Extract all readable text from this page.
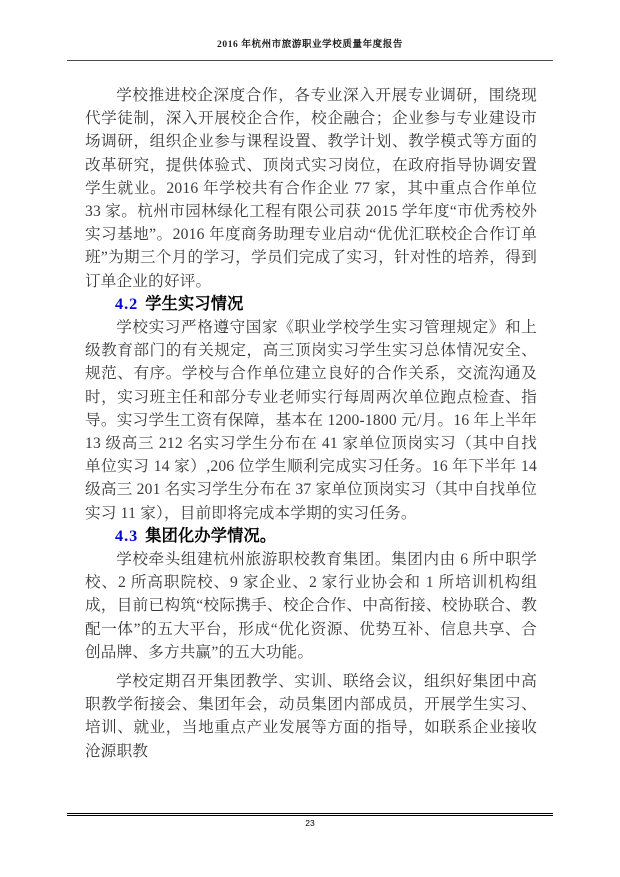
2016 年杭州市旅游职业学校质量年度报告

学校推进校企深度合作，各专业深入开展专业调研，围绕现代学徒制，深入开展校企合作，校企融合；企业参与专业建设市场调研，组织企业参与课程设置、教学计划、教学模式等方面的改革研究，提供体验式、顶岗式实习岗位，在政府指导协调安置学生就业。2016 年学校共有合作企业 77 家，其中重点合作单位 33 家。杭州市园林绿化工程有限公司获 2015 学年度“市优秀校外实习基地”。2016 年度商务助理专业启动“优优汇联校企合作订单班”为期三个月的学习，学员们完成了实习，针对性的培养，得到订单企业的好评。

4.2 学生实习情况

学校实习严格遵守国家《职业学校学生实习管理规定》和上级教育部门的有关规定，高三顶岗实习学生实习总体情况安全、规范、有序。学校与合作单位建立良好的合作关系，交流沟通及时，实习班主任和部分专业老师实行每周两次单位跑点检查、指导。实习学生工资有保障，基本在 1200-1800 元/月。16 年上半年 13 级高三 212 名实习学生分布在 41 家单位顶岗实习（其中自找单位实习 14 家）,206 位学生顺利完成实习任务。16 年下半年 14 级高三 201 名实习学生分布在 37 家单位顶岗实习（其中自找单位实习 11 家），目前即将完成本学期的实习任务。

4.3 集团化办学情况。

学校牵头组建杭州旅游职校教育集团。集团内由 6 所中职学校、2 所高职院校、9 家企业、2 家行业协会和 1 所培训机构组成，目前已构筑“校际携手、校企合作、中高衔接、校协联合、教配一体”的五大平台，形成“优化资源、优势互补、信息共享、合创品牌、多方共赢”的五大功能。

学校定期召开集团教学、实训、联络会议，组织好集团中高职教学衔接会、集团年会，动员集团内部成员，开展学生实习、培训、就业，当地重点产业发展等方面的指导，如联系企业接收沧源职教

23
